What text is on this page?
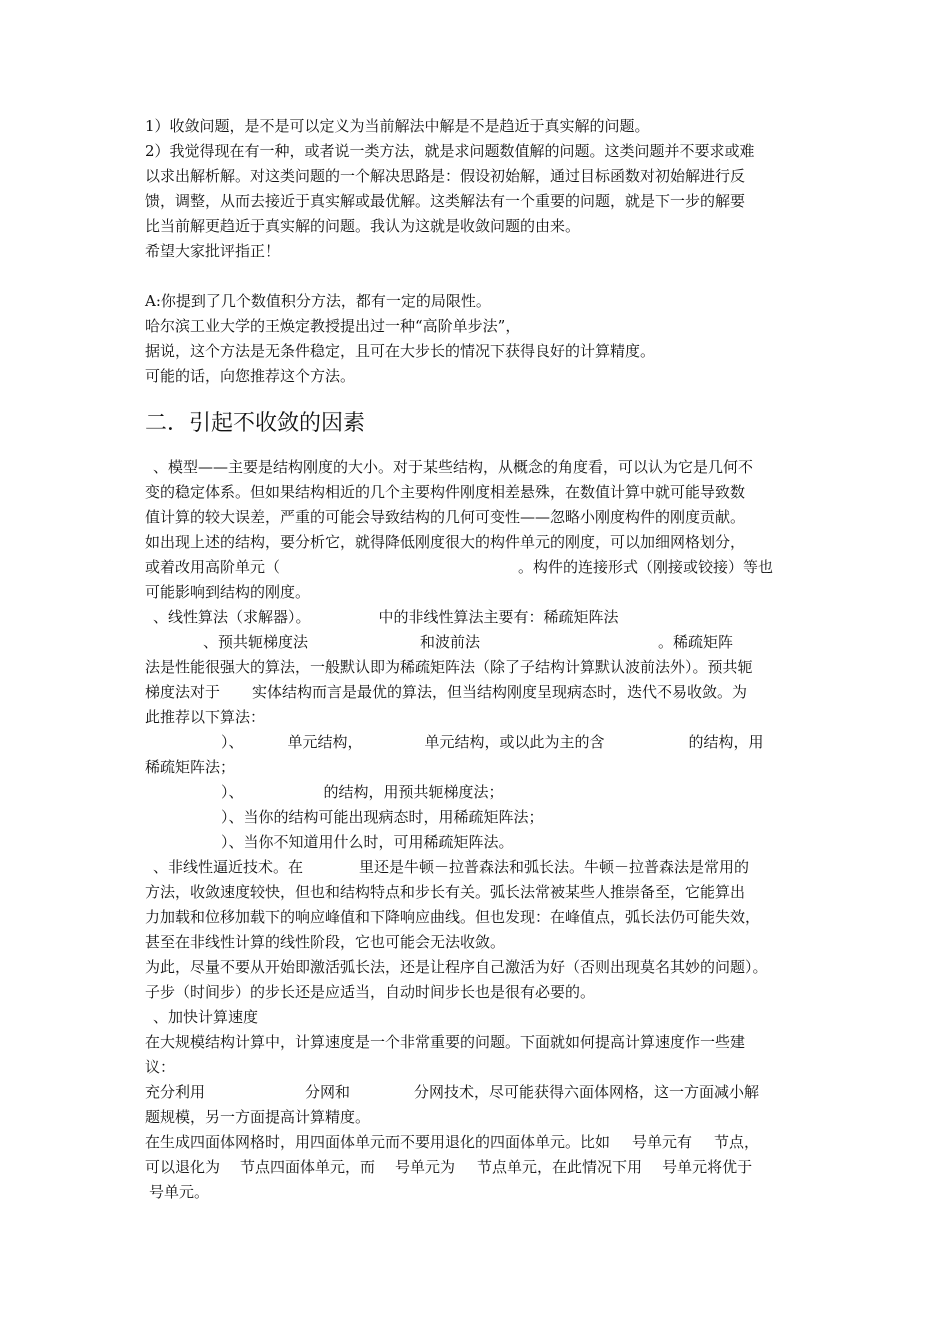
1）收敛问题，是不是可以定义为当前解法中解是不是趋近于真实解的问题。
2）我觉得现在有一种，或者说一类方法，就是求问题数值解的问题。这类问题并不要求或难
以求出解析解。对这类问题的一个解决思路是：假设初始解，通过目标函数对初始解进行反
馈，调整，从而去接近于真实解或最优解。这类解法有一个重要的问题，就是下一步的解要
比当前解更趋近于真实解的问题。我认为这就是收敛问题的由来。
希望大家批评指正！
A:你提到了几个数值积分方法，都有一定的局限性。
哈尔滨工业大学的王焕定教授提出过一种“高阶单步法”，
据说，这个方法是无条件稳定，且可在大步长的情况下获得良好的计算精度。
可能的话，向您推荐这个方法。
二．引起不收敛的因素
、模型——主要是结构刚度的大小。对于某些结构，从概念的角度看，可以认为它是几何不
变的稳定体系。但如果结构相近的几个主要构件刚度相差悬殊，在数值计算中就可能导致数
值计算的较大误差，严重的可能会导致结构的几何可变性——忽略小刚度构件的刚度贡献。
如出现上述的结构，要分析它，就得降低刚度很大的构件单元的刚度，可以加细网格划分，
或着改用高阶单元（	。构件的连接形式（刚接或铰接）等也
可能影响到结构的刚度。
、线性算法（求解器）。	中的非线性算法主要有：稀疏矩阵法
、预共轭梯度法	和波前法	。稀疏矩阵
法是性能很强大的算法，一般默认即为稀疏矩阵法（除了子结构计算默认波前法外）。预共轭
梯度法对于 实体结构而言是最优的算法，但当结构刚度呈现病态时，迭代不易收敛。为
此推荐以下算法：
）、	单元结构，	单元结构，或以此为主的含	的结构，用
稀疏矩阵法；
）、	的结构，用预共轭梯度法；
）、当你的结构可能出现病态时，用稀疏矩阵法；
）、当你不知道用什么时，可用稀疏矩阵法。
、非线性逼近技术。在	里还是牛顿－拉普森法和弧长法。牛顿－拉普森法是常用的
方法，收敛速度较快，但也和结构特点和步长有关。弧长法常被某些人推崇备至，它能算出
力加载和位移加载下的响应峰值和下降响应曲线。但也发现：在峰值点，弧长法仍可能失效，
甚至在非线性计算的线性阶段，它也可能会无法收敛。
为此，尽量不要从开始即激活弧长法，还是让程序自己激活为好（否则出现莫名其妙的问题）。
子步（时间步）的步长还是应适当，自动时间步长也是很有必要的。
、加快计算速度
在大规模结构计算中，计算速度是一个非常重要的问题。下面就如何提高计算速度作一些建
议：
充分利用	分网和	分网技术，尽可能获得六面体网格，这一方面减小解
题规模，另一方面提高计算精度。
在生成四面体网格时，用四面体单元而不要用退化的四面体单元。比如 号单元有 节点，
可以退化为 节点四面体单元，而 号单元为 节点单元，在此情况下用 号单元将优于
号单元。
